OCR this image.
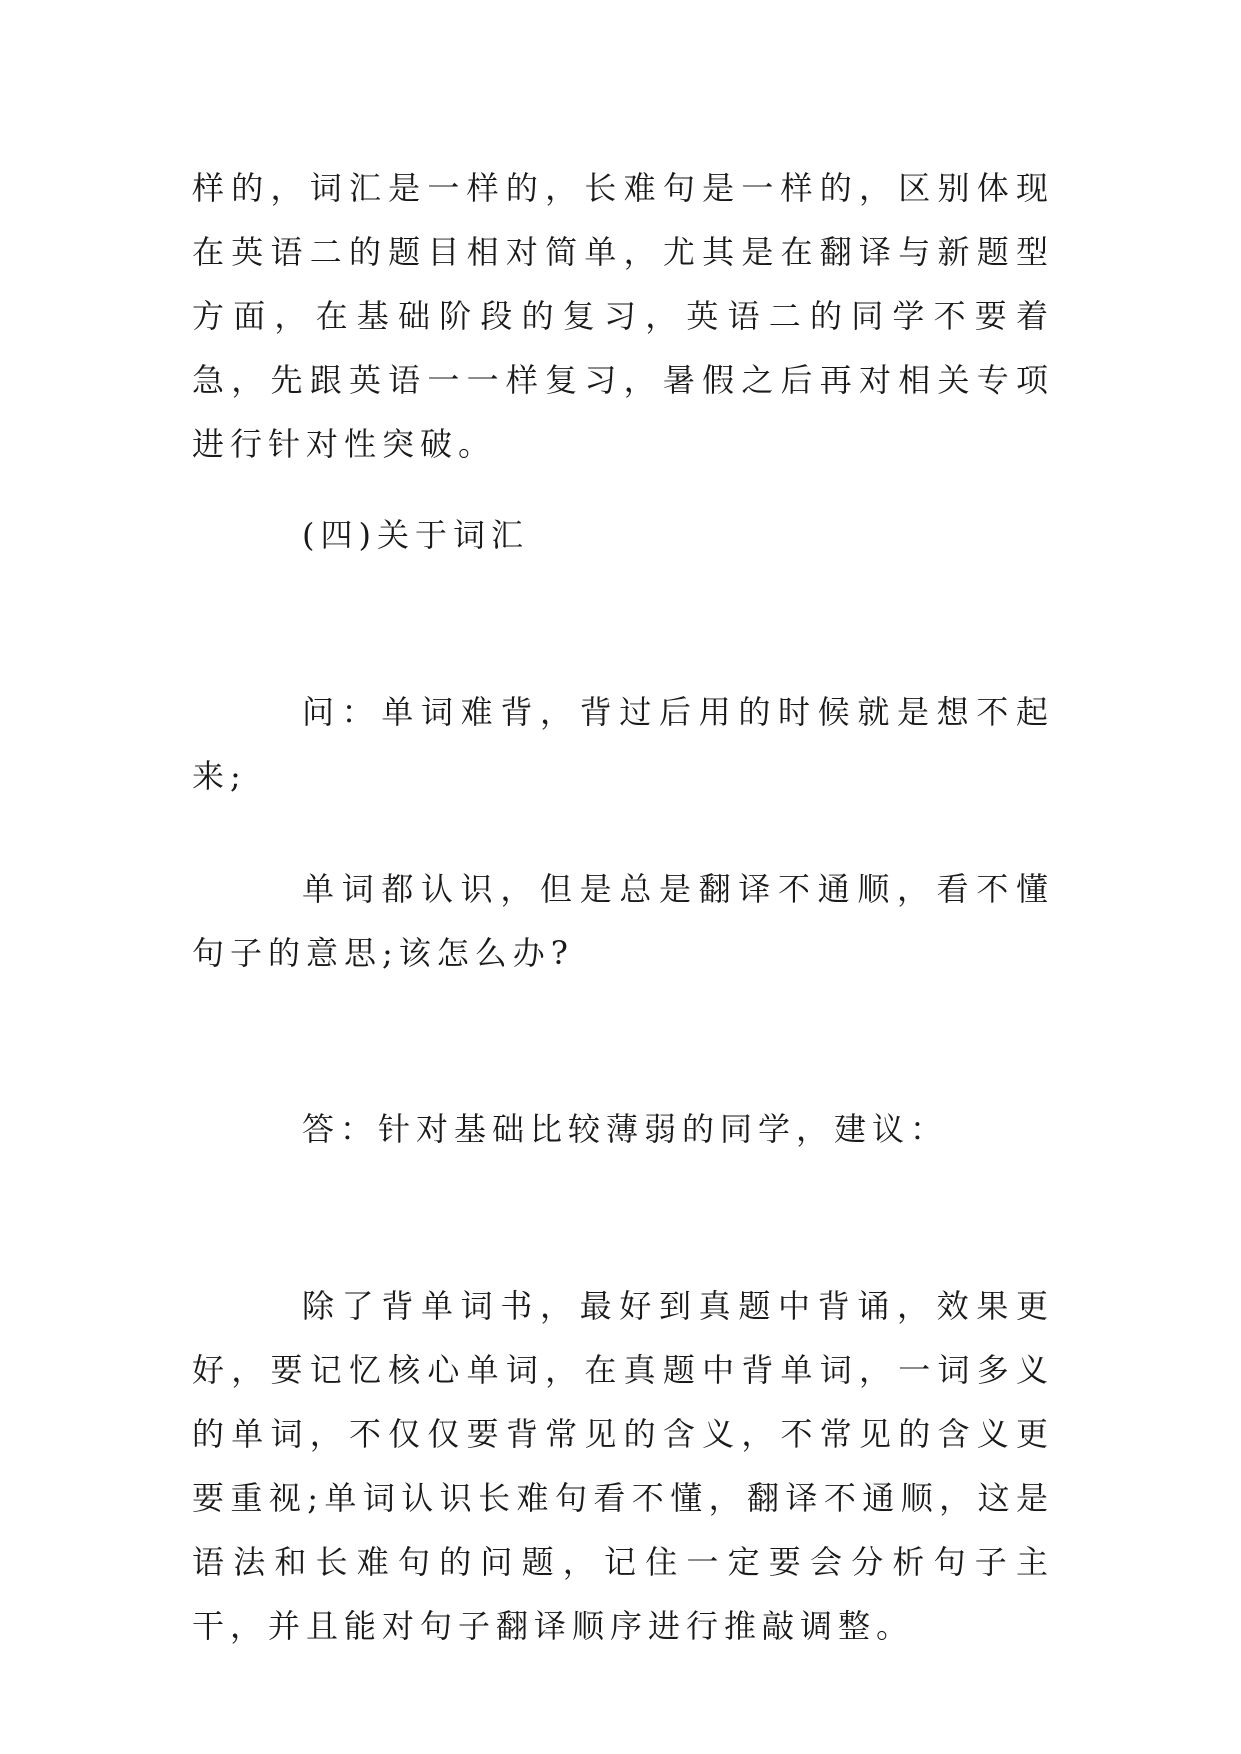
样的，词汇是一样的，长难句是一样的，区别体现在英语二的题目相对简单，尤其是在翻译与新题型方面，在基础阶段的复习，英语二的同学不要着急，先跟英语一一样复习，暑假之后再对相关专项进行针对性突破。

(四)关于词汇

问：单词难背，背过后用的时候就是想不起来;

单词都认识，但是总是翻译不通顺，看不懂句子的意思;该怎么办?

答：针对基础比较薄弱的同学，建议：

除了背单词书，最好到真题中背诵，效果更好，要记忆核心单词，在真题中背单词，一词多义的单词，不仅仅要背常见的含义，不常见的含义更要重视;单词认识长难句看不懂，翻译不通顺，这是语法和长难句的问题，记住一定要会分析句子主干，并且能对句子翻译顺序进行推敲调整。
